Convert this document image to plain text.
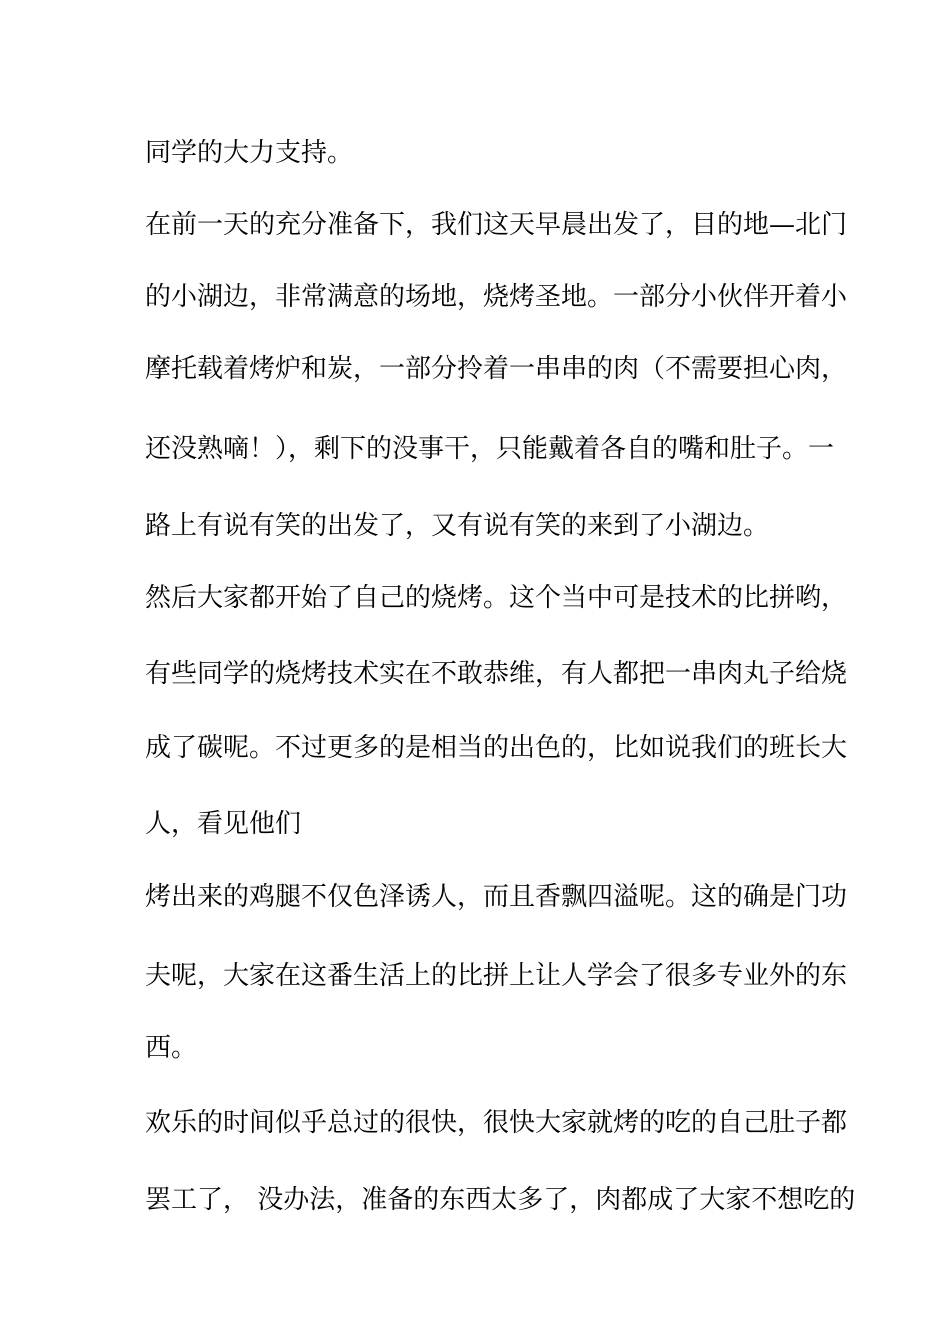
同学的大力支持。
在前一天的充分准备下，我们这天早晨出发了，目的地—北门
的小湖边，非常满意的场地，烧烤圣地。一部分小伙伴开着小
摩托载着烤炉和炭，一部分拎着一串串的肉（不需要担心肉，
还没熟嘀！），剩下的没事干，只能戴着各自的嘴和肚子。一
路上有说有笑的出发了，又有说有笑的来到了小湖边。
然后大家都开始了自己的烧烤。这个当中可是技术的比拼哟，
有些同学的烧烤技术实在不敢恭维，有人都把一串肉丸子给烧
成了碳呢。不过更多的是相当的出色的，比如说我们的班长大
人，看见他们
烤出来的鸡腿不仅色泽诱人，而且香飘四溢呢。这的确是门功
夫呢，大家在这番生活上的比拼上让人学会了很多专业外的东
西。
欢乐的时间似乎总过的很快，很快大家就烤的吃的自己肚子都
罢工了， 没办法，准备的东西太多了，肉都成了大家不想吃的
